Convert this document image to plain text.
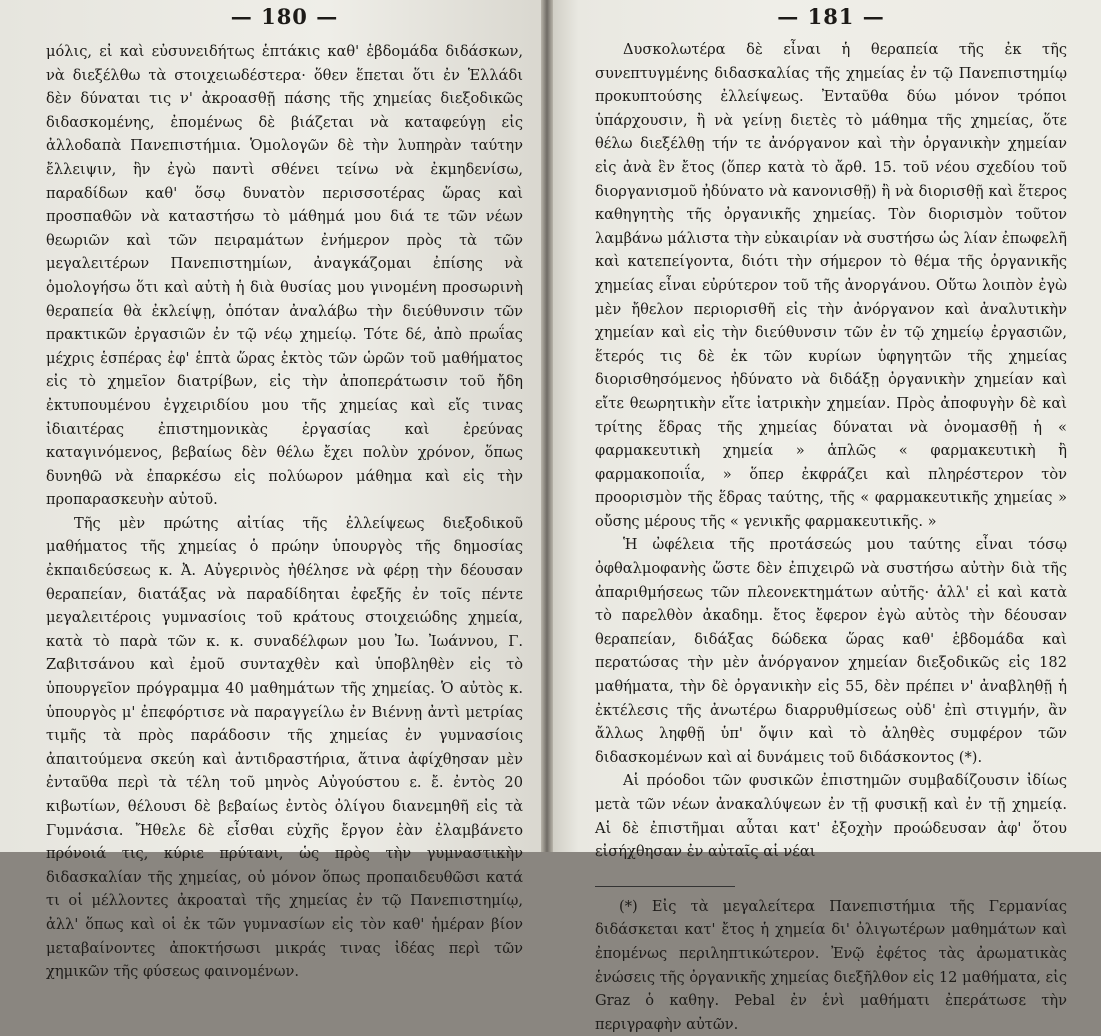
— 180 —

μόλις, εἰ καὶ εὐσυνειδήτως ἑπτάκις καθ' ἑβδομάδα διδάσκων, νὰ διεξέλθω τὰ στοιχειωδέστερα· ὅθεν ἕπεται ὅτι ἐν Ἑλλάδι δὲν δύναται τις ν' ἀκροασθῇ πάσης τῆς χημείας διεξοδικῶς διδασκομένης, ἐπομένως δὲ βιάζεται νὰ καταφεύγῃ εἰς ἀλλοδαπὰ Πανεπιστήμια. Ὁμολογῶν δὲ τὴν λυπηρὰν ταύτην ἔλλειψιν, ἣν ἐγὼ παντὶ σθένει τείνω νὰ ἐκμηδενίσω, παραδίδων καθ' ὅσῳ δυνατὸν περισσοτέρας ὥρας καὶ προσπαθῶν νὰ καταστήσω τὸ μάθημά μου διά τε τῶν νέων θεωριῶν καὶ τῶν πειραμάτων ἐνήμερον πρὸς τὰ τῶν μεγαλειτέρων Πανεπιστημίων, ἀναγκάζομαι ἐπίσης νὰ ὁμολογήσω ὅτι καὶ αὐτὴ ἡ διὰ θυσίας μου γινομένη προσωρινὴ θεραπεία θὰ ἐκλείψῃ, ὁπόταν ἀναλάβω τὴν διεύθυνσιν τῶν πρακτικῶν ἐργασιῶν ἐν τῷ νέῳ χημείῳ. Τότε δέ, ἀπὸ πρωΐας μέχρις ἑσπέρας ἐφ' ἑπτὰ ὥρας ἐκτὸς τῶν ὡρῶν τοῦ μαθήματος εἰς τὸ χημεῖον διατρίβων, εἰς τὴν ἀποπεράτωσιν τοῦ ἤδη ἐκτυπουμένου ἐγχειριδίου μου τῆς χημείας καὶ εἴς τινας ἰδιαιτέρας ἐπιστημονικὰς ἐργασίας καὶ ἐρεύνας καταγινόμενος, βεβαίως δὲν θέλω ἔχει πολὺν χρόνον, ὅπως δυνηθῶ νὰ ἐπαρκέσω εἰς πολύωρον μάθημα καὶ εἰς τὴν προπαρασκευὴν αὐτοῦ.

Τῆς μὲν πρώτης αἰτίας τῆς ἐλλείψεως διεξοδικοῦ μαθήματος τῆς χημείας ὁ πρώην ὑπουργὸς τῆς δημοσίας ἐκπαιδεύσεως κ. Ἀ. Αὐγερινὸς ἠθέλησε νὰ φέρῃ τὴν δέουσαν θεραπείαν, διατάξας νὰ παραδίδηται ἐφεξῆς ἐν τοῖς πέντε μεγαλειτέροις γυμνασίοις τοῦ κράτους στοιχειώδης χημεία, κατὰ τὸ παρὰ τῶν κ. κ. συναδέλφων μου Ἰω. Ἰωάννου, Γ. Ζαβιτσάνου καὶ ἐμοῦ συνταχθὲν καὶ ὑποβληθὲν εἰς τὸ ὑπουργεῖον πρόγραμμα 40 μαθημάτων τῆς χημείας. Ὁ αὐτὸς κ. ὑπουργὸς μ' ἐπεφόρτισε νὰ παραγγείλω ἐν Βιέννῃ ἀντὶ μετρίας τιμῆς τὰ πρὸς παράδοσιν τῆς χημείας ἐν γυμνασίοις ἀπαιτούμενα σκεύη καὶ ἀντιδραστήρια, ἅτινα ἀφίχθησαν μὲν ἐνταῦθα περὶ τὰ τέλη τοῦ μηνὸς Αὐγούστου ε. ἔ. ἐντὸς 20 κιβωτίων, θέλουσι δὲ βεβαίως ἐντὸς ὀλίγου διανεμηθῆ εἰς τὰ Γυμνάσια. Ἤθελε δὲ εἶσθαι εὐχῆς ἔργον ἐὰν ἐλαμβάνετο πρόνοιά τις, κύριε πρύτανι, ὡς πρὸς τὴν γυμναστικὴν διδασκαλίαν τῆς χημείας, οὐ μόνον ὅπως προπαιδευθῶσι κατά τι οἱ μέλλοντες ἀκροαταὶ τῆς χημείας ἐν τῷ Πανεπιστημίῳ, ἀλλ' ὅπως καὶ οἱ ἐκ τῶν γυμνασίων εἰς τὸν καθ' ἡμέραν βίον μεταβαίνοντες ἀποκτήσωσι μικράς τινας ἰδέας περὶ τῶν χημικῶν τῆς φύσεως φαινομένων.

— 181 —

Δυσκολωτέρα δὲ εἶναι ἡ θεραπεία τῆς ἐκ τῆς συνεπτυγμένης διδασκαλίας τῆς χημείας ἐν τῷ Πανεπιστημίῳ προκυπτούσης ἐλλείψεως. Ἐνταῦθα δύω μόνον τρόποι ὑπάρχουσιν, ἢ νὰ γείνῃ διετὲς τὸ μάθημα τῆς χημείας, ὅτε θέλω διεξέλθῃ τήν τε ἀνόργανον καὶ τὴν ὀργανικὴν χημείαν εἰς ἀνὰ ἓν ἔτος (ὅπερ κατὰ τὸ ἄρθ. 15. τοῦ νέου σχεδίου τοῦ διοργανισμοῦ ἠδύνατο νὰ κανονισθῇ) ἢ νὰ διορισθῇ καὶ ἕτερος καθηγητὴς τῆς ὀργανικῆς χημείας. Τὸν διορισμὸν τοῦτον λαμβάνω μάλιστα τὴν εὐκαιρίαν νὰ συστήσω ὡς λίαν ἐπωφελῆ καὶ κατεπείγοντα, διότι τὴν σήμερον τὸ θέμα τῆς ὀργανικῆς χημείας εἶναι εὐρύτερον τοῦ τῆς ἀνοργάνου. Οὕτω λοιπὸν ἐγὼ μὲν ἤθελον περιορισθῆ εἰς τὴν ἀνόργανον καὶ ἀναλυτικὴν χημείαν καὶ εἰς τὴν διεύθυνσιν τῶν ἐν τῷ χημείῳ ἐργασιῶν, ἕτερός τις δὲ ἐκ τῶν κυρίων ὑφηγητῶν τῆς χημείας διορισθησόμενος ἠδύνατο νὰ διδάξῃ ὀργανικὴν χημείαν καὶ εἴτε θεωρητικὴν εἴτε ἰατρικὴν χημείαν. Πρὸς ἀποφυγὴν δὲ καὶ τρίτης ἕδρας τῆς χημείας δύναται νὰ ὀνομασθῇ ἡ « φαρμακευτικὴ χημεία » ἁπλῶς « φαρμακευτικὴ ἢ φαρμακοποιΐα, » ὅπερ ἐκφράζει καὶ πληρέστερον τὸν προορισμὸν τῆς ἕδρας ταύτης, τῆς « φαρμακευτικῆς χημείας » οὔσης μέρους τῆς « γενικῆς φαρμακευτικῆς. »

Ἡ ὠφέλεια τῆς προτάσεώς μου ταύτης εἶναι τόσῳ ὀφθαλμοφανὴς ὥστε δὲν ἐπιχειρῶ νὰ συστήσω αὐτὴν διὰ τῆς ἀπαριθμήσεως τῶν πλεονεκτημάτων αὐτῆς· ἀλλ' εἰ καὶ κατὰ τὸ παρελθὸν ἀκαδημ. ἔτος ἔφερον ἐγὼ αὐτὸς τὴν δέουσαν θεραπείαν, διδάξας δώδεκα ὥρας καθ' ἑβδομάδα καὶ περατώσας τὴν μὲν ἀνόργανον χημείαν διεξοδικῶς εἰς 182 μαθήματα, τὴν δὲ ὀργανικὴν εἰς 55, δὲν πρέπει ν' ἀναβληθῇ ἡ ἐκτέλεσις τῆς ἀνωτέρω διαρρυθμίσεως οὐδ' ἐπὶ στιγμήν, ἂν ἄλλως ληφθῇ ὑπ' ὄψιν καὶ τὸ ἀληθὲς συμφέρον τῶν διδασκομένων καὶ αἱ δυνάμεις τοῦ διδάσκοντος (*).

Αἱ πρόοδοι τῶν φυσικῶν ἐπιστημῶν συμβαδίζουσιν ἰδίως μετὰ τῶν νέων ἀνακαλύψεων ἐν τῇ φυσικῇ καὶ ἐν τῇ χημείᾳ. Αἱ δὲ ἐπιστῆμαι αὗται κατ' ἐξοχὴν προώδευσαν ἀφ' ὅτου εἰσήχθησαν ἐν αὐταῖς αἱ νέαι

(*) Εἰς τὰ μεγαλείτερα Πανεπιστήμια τῆς Γερμανίας διδάσκεται κατ' ἔτος ἡ χημεία δι' ὀλιγωτέρων μαθημάτων καὶ ἐπομένως περιληπτικώτερον. Ἐνῷ ἐφέτος τὰς ἀρωματικὰς ἑνώσεις τῆς ὀργανικῆς χημείας διεξῆλθον εἰς 12 μαθήματα, εἰς Graz ὁ καθηγ. Pebal ἐν ἑνὶ μαθήματι ἐπεράτωσε τὴν περιγραφὴν αὐτῶν.
